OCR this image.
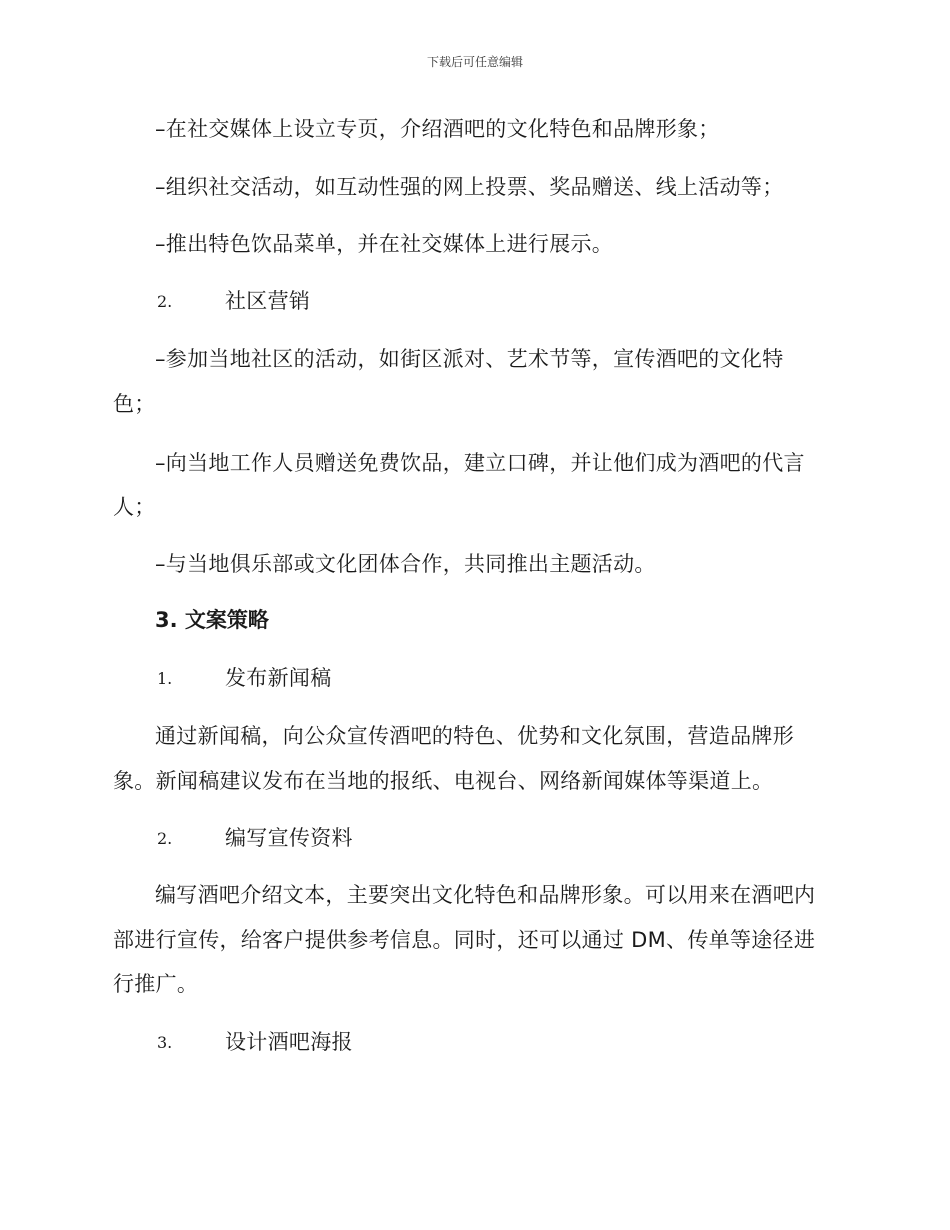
下载后可任意编辑
–在社交媒体上设立专页，介绍酒吧的文化特色和品牌形象；
–组织社交活动，如互动性强的网上投票、奖品赠送、线上活动等；
–推出特色饮品菜单，并在社交媒体上进行展示。
2.	社区营销
–参加当地社区的活动，如街区派对、艺术节等，宣传酒吧的文化特
色；
–向当地工作人员赠送免费饮品，建立口碑，并让他们成为酒吧的代言
人；
–与当地俱乐部或文化团体合作，共同推出主题活动。
3. 文案策略
1.	发布新闻稿
通过新闻稿，向公众宣传酒吧的特色、优势和文化氛围，营造品牌形
象。新闻稿建议发布在当地的报纸、电视台、网络新闻媒体等渠道上。
2.	编写宣传资料
编写酒吧介绍文本，主要突出文化特色和品牌形象。可以用来在酒吧内
部进行宣传，给客户提供参考信息。同时，还可以通过 DM、传单等途径进
行推广。
3.	设计酒吧海报
